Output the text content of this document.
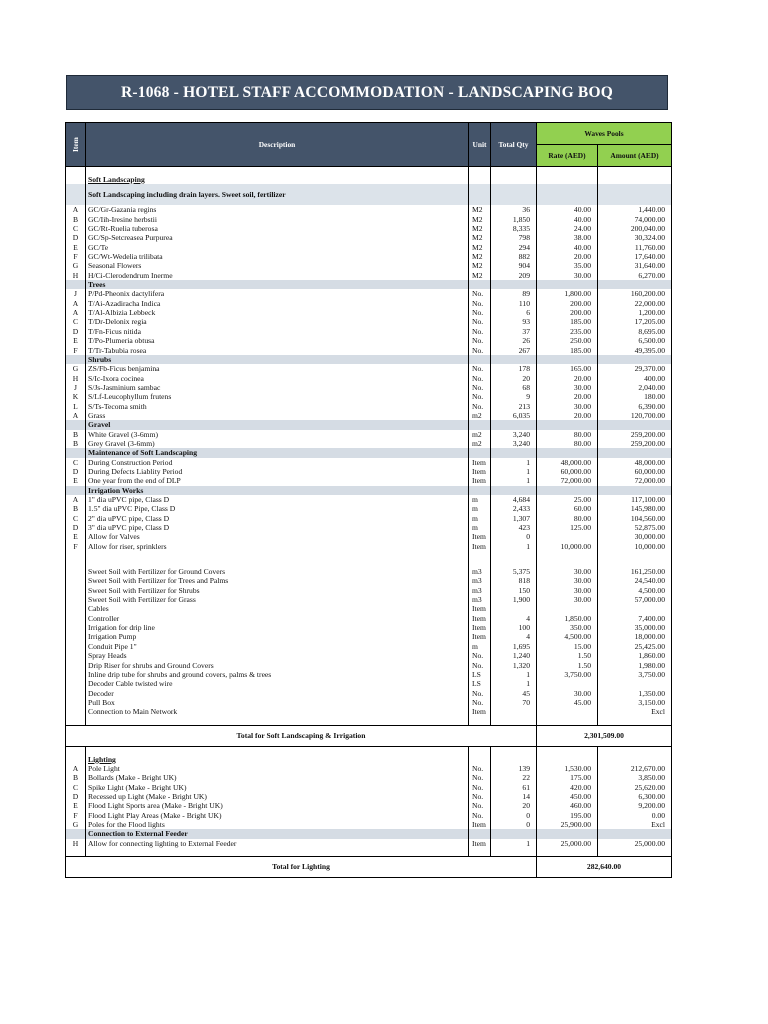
R-1068 - HOTEL STAFF ACCOMMODATION - LANDSCAPING BOQ
Item	Description	Unit	Total Qty	Waves Pools	
				Rate (AED)	Amount (AED)

	Soft Landscaping				
	Soft Landscaping including drain layers. Sweet soil, fertilizer				
A	GC/Gr-Gazania regins	M2	36	40.00	1,440.00
B	GC/Iih-Iresine herbstii	M2	1,850	40.00	74,000.00
C	GC/Rt-Ruelia tuberosa	M2	8,335	24.00	200,040.00
D	GC/Sp-Setcreasea Purpurea	M2	798	38.00	30,324.00
E	GC/Te	M2	294	40.00	11,760.00
F	GC/Wt-Wedelia trilibata	M2	882	20.00	17,640.00
G	Seasonal Flowers	M2	904	35.00	31,640.00
H	H/Ci-Clerodendrum Inerme	M2	209	30.00	6,270.00
	Trees				
J	P/Pd-Pheonix dactylifera	No.	89	1,800.00	160,200.00
A	T/Ai-Azadiracha Indica	No.	110	200.00	22,000.00
A	T/Al-Albizia Lebbeck	No.	6	200.00	1,200.00
C	T/Dr-Delonix regia	No.	93	185.00	17,205.00
D	T/Fn-Ficus nitida	No.	37	235.00	8,695.00
E	T/Po-Plumeria obtusa	No.	26	250.00	6,500.00
F	T/Tr-Tabubia rosea	No.	267	185.00	49,395.00
	Shrubs				
G	ZS/Fb-Ficus benjamina	No.	178	165.00	29,370.00
H	S/Ic-Ixora cocinea	No.	20	20.00	400.00
J	S/Js-Jasminium sambac	No.	68	30.00	2,040.00
K	S/Lf-Leucophyllum frutens	No.	9	20.00	180.00
L	S/Ts-Tecoma smith	No.	213	30.00	6,390.00
A	Grass	m2	6,035	20.00	120,700.00
	Gravel				
B	White Gravel (3-6mm)	m2	3,240	80.00	259,200.00
B	Grey Gravel (3-6mm)	m2	3,240	80.00	259,200.00
	Maintenance of Soft Landscaping				
C	During Construction Period	Item	1	48,000.00	48,000.00
D	During Defects Liablity Period	Item	1	60,000.00	60,000.00
E	One year from the end of DLP	Item	1	72,000.00	72,000.00
	Irrigation Works				
A	1" dia uPVC pipe, Class D	m	4,684	25.00	117,100.00
B	1.5" dia uPVC Pipe, Class D	m	2,433	60.00	145,980.00
C	2" dia uPVC pipe, Class D	m	1,307	80.00	104,560.00
D	3" dia uPVC pipe, Class D	m	423	125.00	52,875.00
E	Allow for Valves	Item	0		30,000.00
F	Allow for riser, sprinklers	Item	1	10,000.00	10,000.00

	Sweet Soil with Fertilizer for Ground Covers	m3	5,375	30.00	161,250.00
	Sweet Soil with Fertilizer for Trees and Palms	m3	818	30.00	24,540.00
	Sweet Soil with Fertilizer for Shrubs	m3	150	30.00	4,500.00
	Sweet Soil with Fertilizer for Grass	m3	1,900	30.00	57,000.00
	Cables	Item			
	Controller	Item	4	1,850.00	7,400.00
	Irrigation for drip line	Item	100	350.00	35,000.00
	Irrigation Pump	Item	4	4,500.00	18,000.00
	Conduit Pipe 1"	m	1,695	15.00	25,425.00
	Spray Heads	No.	1,240	1.50	1,860.00
	Drip Riser for shrubs and Ground Covers	No.	1,320	1.50	1,980.00
	Inline drip tube for shrubs and ground covers, palms & trees	LS	1	3,750.00	3,750.00
	Decoder Cable twisted wire	LS	1		
	Decoder	No.	45	30.00	1,350.00
	Pull Box	No.	70	45.00	3,150.00
	Connection to Main Network	Item			Excl

Total for Soft Landscaping & Irrigation				2,301,509.00	

	Lighting				
A	Pole Light	No.	139	1,530.00	212,670.00
B	Bollards (Make - Bright UK)	No.	22	175.00	3,850.00
C	Spike Light (Make - Bright UK)	No.	61	420.00	25,620.00
D	Recessed up Light (Make - Bright UK)	No.	14	450.00	6,300.00
E	Flood Light Sports area (Make - Bright UK)	No.	20	460.00	9,200.00
F	Flood Light Play Areas (Make - Bright UK)	No.	0	195.00	0.00
G	Poles for the Flood lights	Item	0	25,900.00	Excl
	Connection to External Feeder				
H	Allow for connecting lighting to External Feeder	Item	1	25,000.00	25,000.00

Total for Lighting				282,640.00	
